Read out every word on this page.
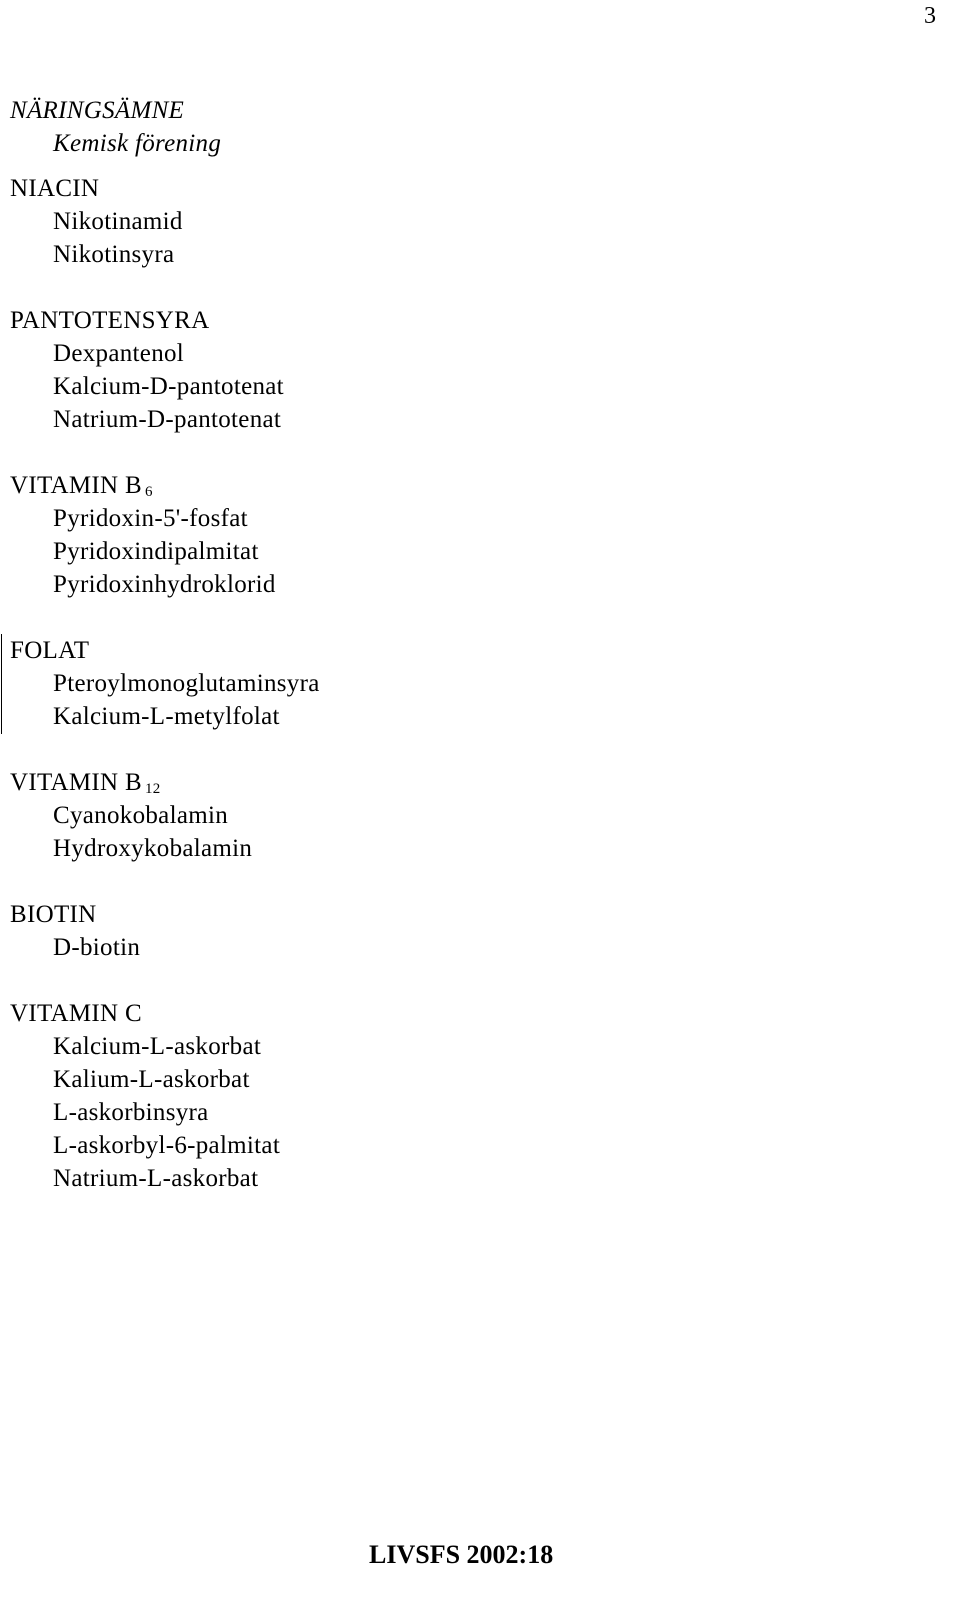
3
NÄRINGSÄMNE
Kemisk förening
NIACIN
Nikotinamid
Nikotinsyra
PANTOTENSYRA
Dexpantenol
Kalcium-D-pantotenat
Natrium-D-pantotenat
VITAMIN B $_6$
Pyridoxin-5'-fosfat
Pyridoxindipalmitat
Pyridoxinhydroklorid
FOLAT
Pteroylmonoglutaminsyra
Kalcium-L-metylfolat
VITAMIN B $_{12}$
Cyanokobalamin
Hydroxykobalamin
BIOTIN
D-biotin
VITAMIN C
Kalcium-L-askorbat
Kalium-L-askorbat
L-askorbinsyra
L-askorbyl-6-palmitat
Natrium-L-askorbat
LIVSFS 2002:18
